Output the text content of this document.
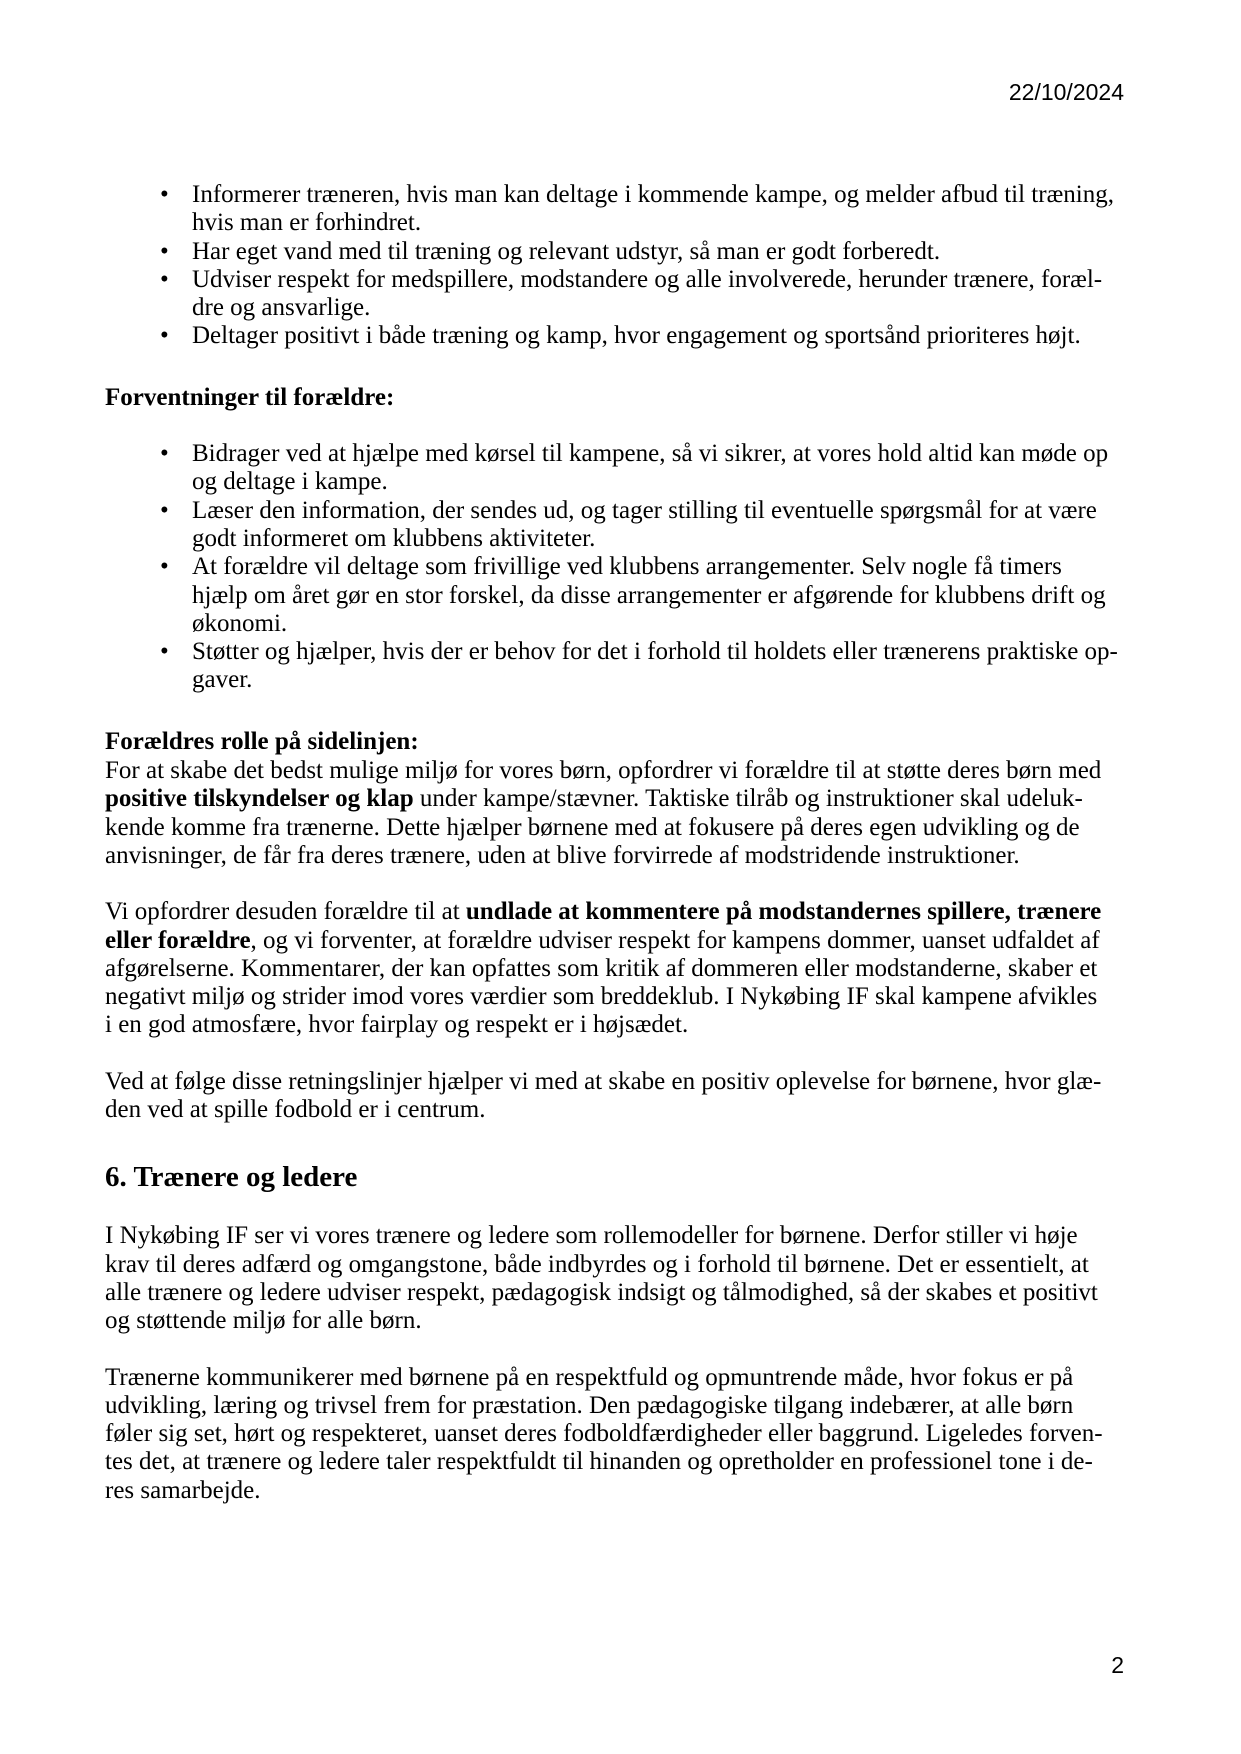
22/10/2024
• Informerer træneren, hvis man kan deltage i kommende kampe, og melder afbud til træning,
hvis man er forhindret.
• Har eget vand med til træning og relevant udstyr, så man er godt forberedt.
• Udviser respekt for medspillere, modstandere og alle involverede, herunder trænere, foræl-
dre og ansvarlige.
• Deltager positivt i både træning og kamp, hvor engagement og sportsånd prioriteres højt.
Forventninger til forældre:
• Bidrager ved at hjælpe med kørsel til kampene, så vi sikrer, at vores hold altid kan møde op
og deltage i kampe.
• Læser den information, der sendes ud, og tager stilling til eventuelle spørgsmål for at være
godt informeret om klubbens aktiviteter.
• At forældre vil deltage som frivillige ved klubbens arrangementer. Selv nogle få timers
hjælp om året gør en stor forskel, da disse arrangementer er afgørende for klubbens drift og
økonomi.
• Støtter og hjælper, hvis der er behov for det i forhold til holdets eller trænerens praktiske op-
gaver.
Forældres rolle på sidelinjen:
For at skabe det bedst mulige miljø for vores børn, opfordrer vi forældre til at støtte deres børn med
positive tilskyndelser og klap under kampe/stævner. Taktiske tilråb og instruktioner skal udeluk-
kende komme fra trænerne. Dette hjælper børnene med at fokusere på deres egen udvikling og de
anvisninger, de får fra deres trænere, uden at blive forvirrede af modstridende instruktioner.
Vi opfordrer desuden forældre til at undlade at kommentere på modstandernes spillere, trænere
eller forældre, og vi forventer, at forældre udviser respekt for kampens dommer, uanset udfaldet af
afgørelserne. Kommentarer, der kan opfattes som kritik af dommeren eller modstanderne, skaber et
negativt miljø og strider imod vores værdier som breddeklub. I Nykøbing IF skal kampene afvikles
i en god atmosfære, hvor fairplay og respekt er i højsædet.
Ved at følge disse retningslinjer hjælper vi med at skabe en positiv oplevelse for børnene, hvor glæ-
den ved at spille fodbold er i centrum.
6. Trænere og ledere
I Nykøbing IF ser vi vores trænere og ledere som rollemodeller for børnene. Derfor stiller vi høje
krav til deres adfærd og omgangstone, både indbyrdes og i forhold til børnene. Det er essentielt, at
alle trænere og ledere udviser respekt, pædagogisk indsigt og tålmodighed, så der skabes et positivt
og støttende miljø for alle børn.
Trænerne kommunikerer med børnene på en respektfuld og opmuntrende måde, hvor fokus er på
udvikling, læring og trivsel frem for præstation. Den pædagogiske tilgang indebærer, at alle børn
føler sig set, hørt og respekteret, uanset deres fodboldfærdigheder eller baggrund. Ligeledes forven-
tes det, at trænere og ledere taler respektfuldt til hinanden og opretholder en professionel tone i de-
res samarbejde.
2
